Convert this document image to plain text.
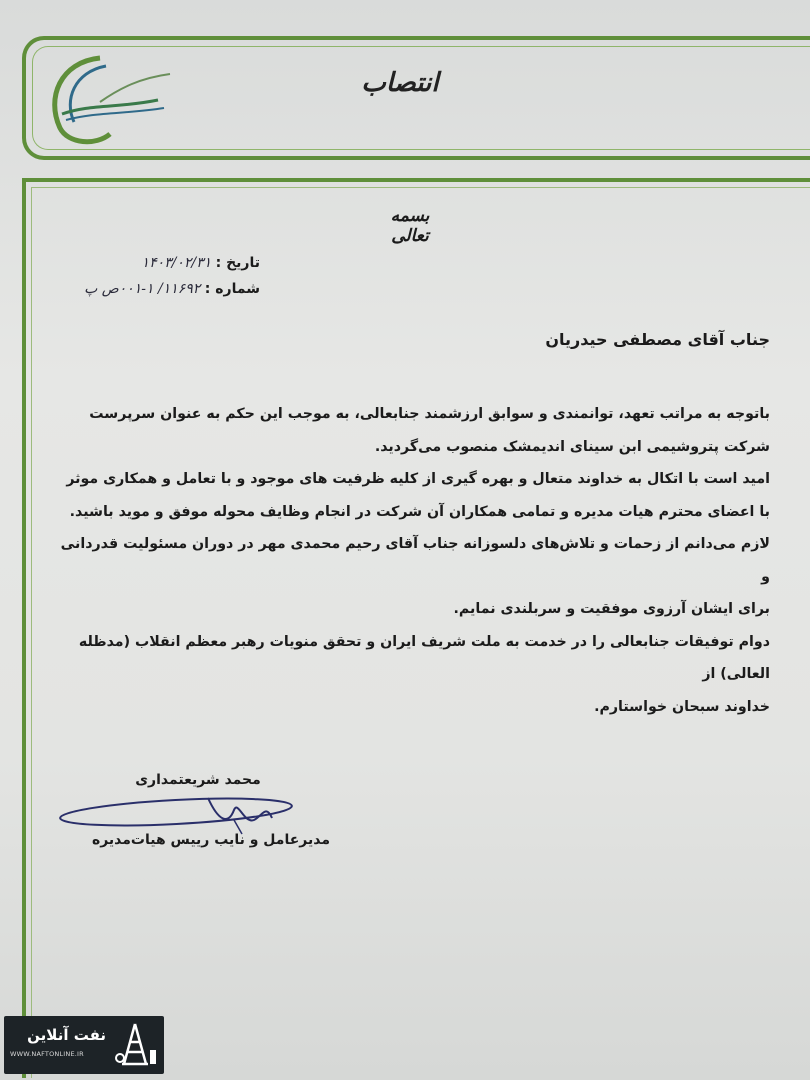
انتصاب
بسمه تعالی
تاریخ : ۱۴۰۳/۰۲/۳۱
شماره : ۱۱۶۹۲/ ۱-۰۰۱ص پ
جناب آقای مصطفی حیدریان

باتوجه به مراتب تعهد، توانمندی و سوابق ارزشمند جنابعالی، به موجب این حکم به عنوان سرپرست

شرکت پتروشیمی ابن سینای اندیمشک منصوب می‌گردید.

امید است با اتکال به خداوند متعال و بهره گیری از کلیه ظرفیت های موجود و با تعامل و همکاری موثر

با اعضای محترم هیات مدیره و تمامی همکاران آن شرکت در انجام وظایف محوله موفق و موید باشید.

لازم می‌دانم از زحمات و تلاش‌های دلسوزانه جناب آقای رحیم محمدی مهر در دوران مسئولیت قدردانی و

برای ایشان آرزوی موفقیت و سربلندی نمایم.

دوام توفیقات جنابعالی را در خدمت به ملت شریف ایران و تحقق منویات رهبر معظم انقلاب (مدظله العالی) از

خداوند سبحان خواستارم.

محمد شریعتمداری
مدیرعامل و نایب رییس هیات‌مدیره
نفت آنلاین
WWW.NAFTONLINE.IR
